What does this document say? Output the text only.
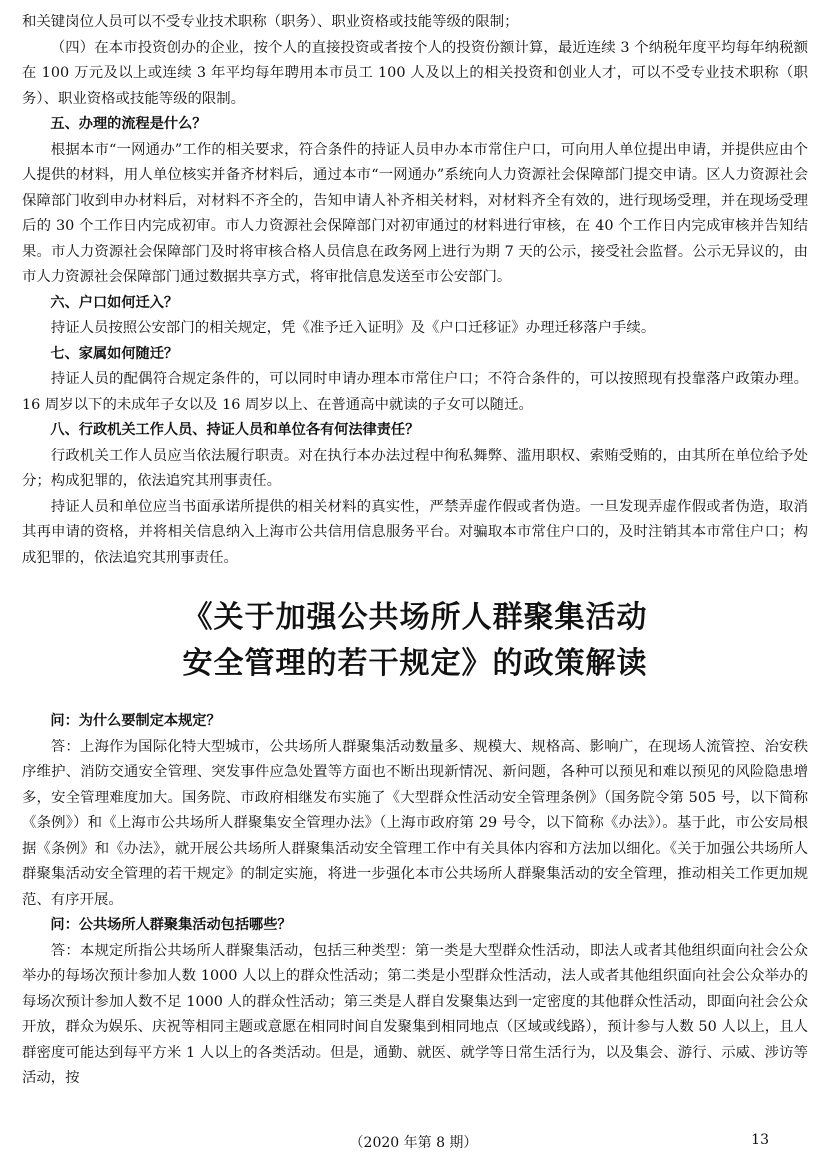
和关键岗位人员可以不受专业技术职称（职务）、职业资格或技能等级的限制；

（四）在本市投资创办的企业，按个人的直接投资或者按个人的投资份额计算，最近连续 3 个纳税年度平均每年纳税额在 100 万元及以上或连续 3 年平均每年聘用本市员工 100 人及以上的相关投资和创业人才，可以不受专业技术职称（职务）、职业资格或技能等级的限制。

五、办理的流程是什么？

根据本市“一网通办”工作的相关要求，符合条件的持证人员申办本市常住户口，可向用人单位提出申请，并提供应由个人提供的材料，用人单位核实并备齐材料后，通过本市“一网通办”系统向人力资源社会保障部门提交申请。区人力资源社会保障部门收到申办材料后，对材料不齐全的，告知申请人补齐相关材料，对材料齐全有效的，进行现场受理，并在现场受理后的 30 个工作日内完成初审。市人力资源社会保障部门对初审通过的材料进行审核，在 40 个工作日内完成审核并告知结果。市人力资源社会保障部门及时将审核合格人员信息在政务网上进行为期 7 天的公示，接受社会监督。公示无异议的，由市人力资源社会保障部门通过数据共享方式，将审批信息发送至市公安部门。

六、户口如何迁入？

持证人员按照公安部门的相关规定，凭《准予迁入证明》及《户口迁移证》办理迁移落户手续。

七、家属如何随迁？

持证人员的配偶符合规定条件的，可以同时申请办理本市常住户口；不符合条件的，可以按照现有投靠落户政策办理。16 周岁以下的未成年子女以及 16 周岁以上、在普通高中就读的子女可以随迁。

八、行政机关工作人员、持证人员和单位各有何法律责任？

行政机关工作人员应当依法履行职责。对在执行本办法过程中徇私舞弊、滥用职权、索贿受贿的，由其所在单位给予处分；构成犯罪的，依法追究其刑事责任。

持证人员和单位应当书面承诺所提供的相关材料的真实性，严禁弄虚作假或者伪造。一旦发现弄虚作假或者伪造，取消其再申请的资格，并将相关信息纳入上海市公共信用信息服务平台。对骗取本市常住户口的，及时注销其本市常住户口；构成犯罪的，依法追究其刑事责任。

《关于加强公共场所人群聚集活动
安全管理的若干规定》的政策解读

问：为什么要制定本规定？

答：上海作为国际化特大型城市，公共场所人群聚集活动数量多、规模大、规格高、影响广，在现场人流管控、治安秩序维护、消防交通安全管理、突发事件应急处置等方面也不断出现新情况、新问题，各种可以预见和难以预见的风险隐患增多，安全管理难度加大。国务院、市政府相继发布实施了《大型群众性活动安全管理条例》（国务院令第 505 号，以下简称《条例》）和《上海市公共场所人群聚集安全管理办法》（上海市政府第 29 号令，以下简称《办法》）。基于此，市公安局根据《条例》和《办法》，就开展公共场所人群聚集活动安全管理工作中有关具体内容和方法加以细化。《关于加强公共场所人群聚集活动安全管理的若干规定》的制定实施，将进一步强化本市公共场所人群聚集活动的安全管理，推动相关工作更加规范、有序开展。

问：公共场所人群聚集活动包括哪些？

答：本规定所指公共场所人群聚集活动，包括三种类型：第一类是大型群众性活动，即法人或者其他组织面向社会公众举办的每场次预计参加人数 1000 人以上的群众性活动；第二类是小型群众性活动，法人或者其他组织面向社会公众举办的每场次预计参加人数不足 1000 人的群众性活动；第三类是人群自发聚集达到一定密度的其他群众性活动，即面向社会公众开放，群众为娱乐、庆祝等相同主题或意愿在相同时间自发聚集到相同地点（区域或线路），预计参与人数 50 人以上，且人群密度可能达到每平方米 1 人以上的各类活动。但是，通勤、就医、就学等日常生活行为，以及集会、游行、示威、涉访等活动，按

（2020 年第 8 期）	13
